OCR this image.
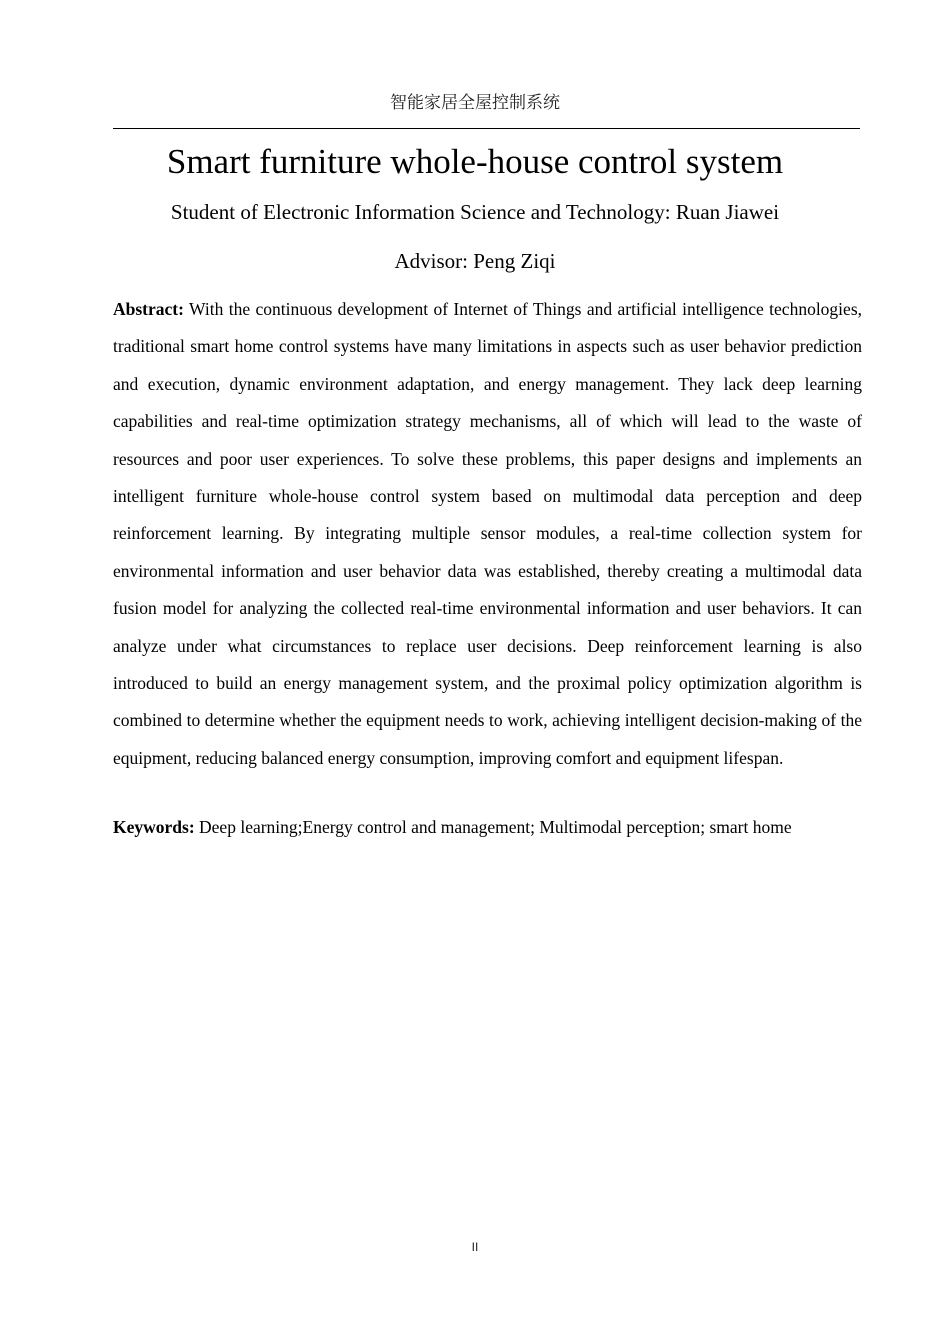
智能家居全屋控制系统
Smart furniture whole-house control system
Student of Electronic Information Science and Technology: Ruan Jiawei
Advisor: Peng Ziqi

Abstract: With the continuous development of Internet of Things and artificial intelligence technologies, traditional smart home control systems have many limitations in aspects such as user behavior prediction and execution, dynamic environment adaptation, and energy management. They lack deep learning capabilities and real-time optimization strategy mechanisms, all of which will lead to the waste of resources and poor user experiences. To solve these problems, this paper designs and implements an intelligent furniture whole-house control system based on multimodal data perception and deep reinforcement learning. By integrating multiple sensor modules, a real-time collection system for environmental information and user behavior data was established, thereby creating a multimodal data fusion model for analyzing the collected real-time environmental information and user behaviors. It can analyze under what circumstances to replace user decisions. Deep reinforcement learning is also introduced to build an energy management system, and the proximal policy optimization algorithm is combined to determine whether the equipment needs to work, achieving intelligent decision-making of the equipment, reducing balanced energy consumption, improving comfort and equipment lifespan.

Keywords: Deep learning;Energy control and management; Multimodal perception; smart home

II
